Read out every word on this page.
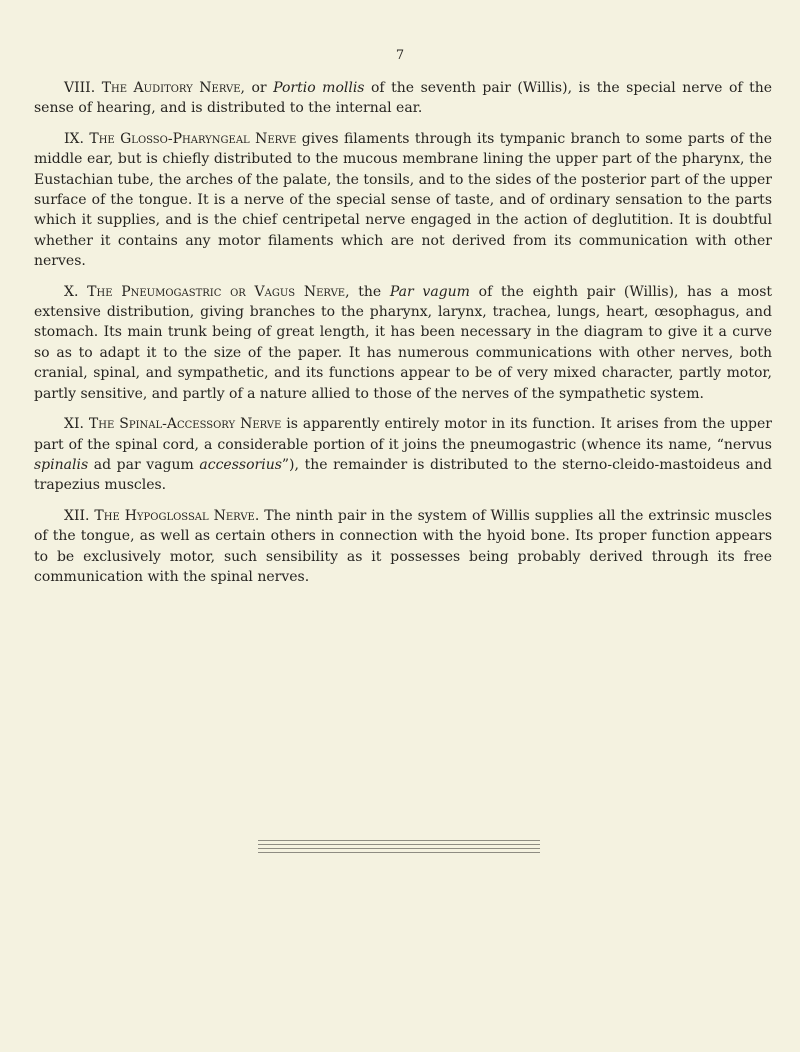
7

VIII. The Auditory Nerve, or Portio mollis of the seventh pair (Willis), is the special nerve of the sense of hearing, and is distributed to the internal ear.

IX. The Glosso-Pharyngeal Nerve gives filaments through its tympanic branch to some parts of the middle ear, but is chiefly distributed to the mucous membrane lining the upper part of the pharynx, the Eustachian tube, the arches of the palate, the tonsils, and to the sides of the posterior part of the upper surface of the tongue. It is a nerve of the special sense of taste, and of ordinary sensation to the parts which it supplies, and is the chief centripetal nerve engaged in the action of deglutition. It is doubtful whether it contains any motor filaments which are not derived from its communication with other nerves.

X. The Pneumogastric or Vagus Nerve, the Par vagum of the eighth pair (Willis), has a most extensive distribution, giving branches to the pharynx, larynx, trachea, lungs, heart, œsophagus, and stomach. Its main trunk being of great length, it has been necessary in the diagram to give it a curve so as to adapt it to the size of the paper. It has numerous communications with other nerves, both cranial, spinal, and sympathetic, and its functions appear to be of very mixed character, partly motor, partly sensitive, and partly of a nature allied to those of the nerves of the sympathetic system.

XI. The Spinal-Accessory Nerve is apparently entirely motor in its function. It arises from the upper part of the spinal cord, a considerable portion of it joins the pneumogastric (whence its name, “nervus spinalis ad par vagum accessorius”), the remainder is distributed to the sterno-cleido-mastoideus and trapezius muscles.

XII. The Hypoglossal Nerve. The ninth pair in the system of Willis supplies all the extrinsic muscles of the tongue, as well as certain others in connection with the hyoid bone. Its proper function appears to be exclusively motor, such sensibility as it possesses being probably derived through its free communication with the spinal nerves.
